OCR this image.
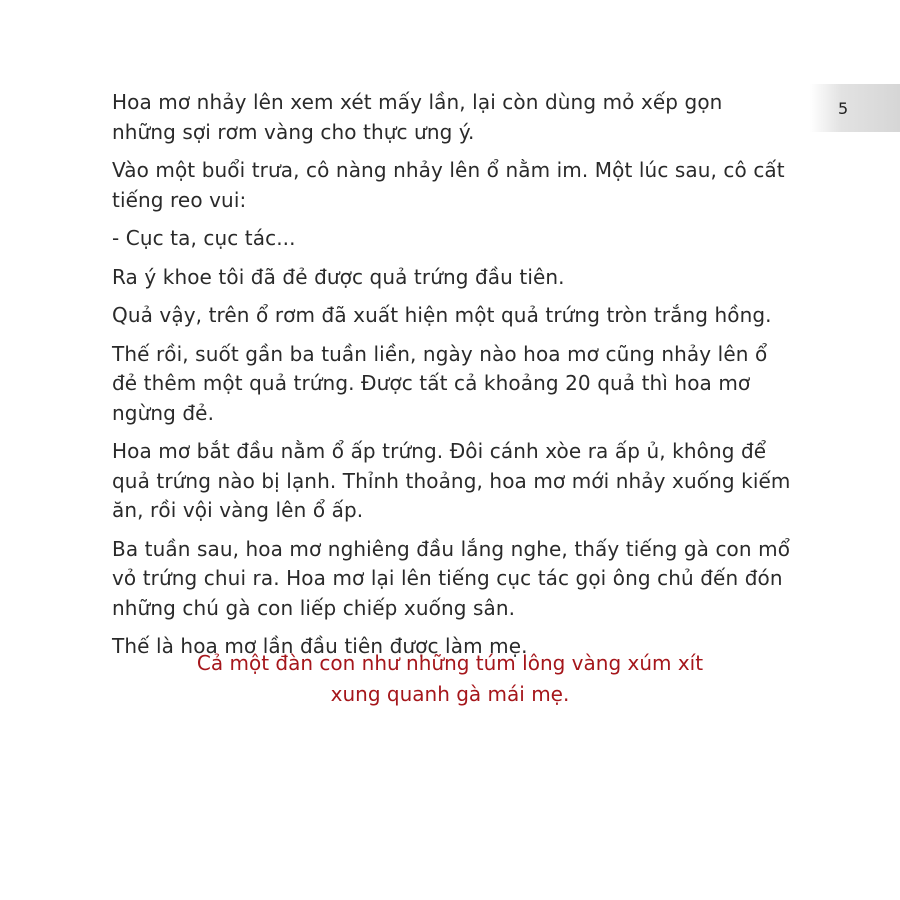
5

Hoa mơ nhảy lên xem xét mấy lần, lại còn dùng mỏ xếp gọn những sợi rơm vàng cho thực ưng ý.

Vào một buổi trưa, cô nàng nhảy lên ổ nằm im. Một lúc sau, cô cất tiếng reo vui:

- Cục ta, cục tác...

Ra ý khoe tôi đã đẻ được quả trứng đầu tiên.

Quả vậy, trên ổ rơm đã xuất hiện một quả trứng tròn trắng hồng.

Thế rồi, suốt gần ba tuần liền, ngày nào hoa mơ cũng nhảy lên ổ đẻ thêm một quả trứng. Được tất cả khoảng 20 quả thì hoa mơ ngừng đẻ.

Hoa mơ bắt đầu nằm ổ ấp trứng. Đôi cánh xòe ra ấp ủ, không để quả trứng nào bị lạnh. Thỉnh thoảng, hoa mơ mới nhảy xuống kiếm ăn, rồi vội vàng lên ổ ấp.

Ba tuần sau, hoa mơ nghiêng đầu lắng nghe, thấy tiếng gà con mổ vỏ trứng chui ra. Hoa mơ lại lên tiếng cục tác gọi ông chủ đến đón những chú gà con liếp chiếp xuống sân.

Thế là hoa mơ lần đầu tiên được làm mẹ.

Cả một đàn con như những túm lông vàng xúm xít
xung quanh gà mái mẹ.
